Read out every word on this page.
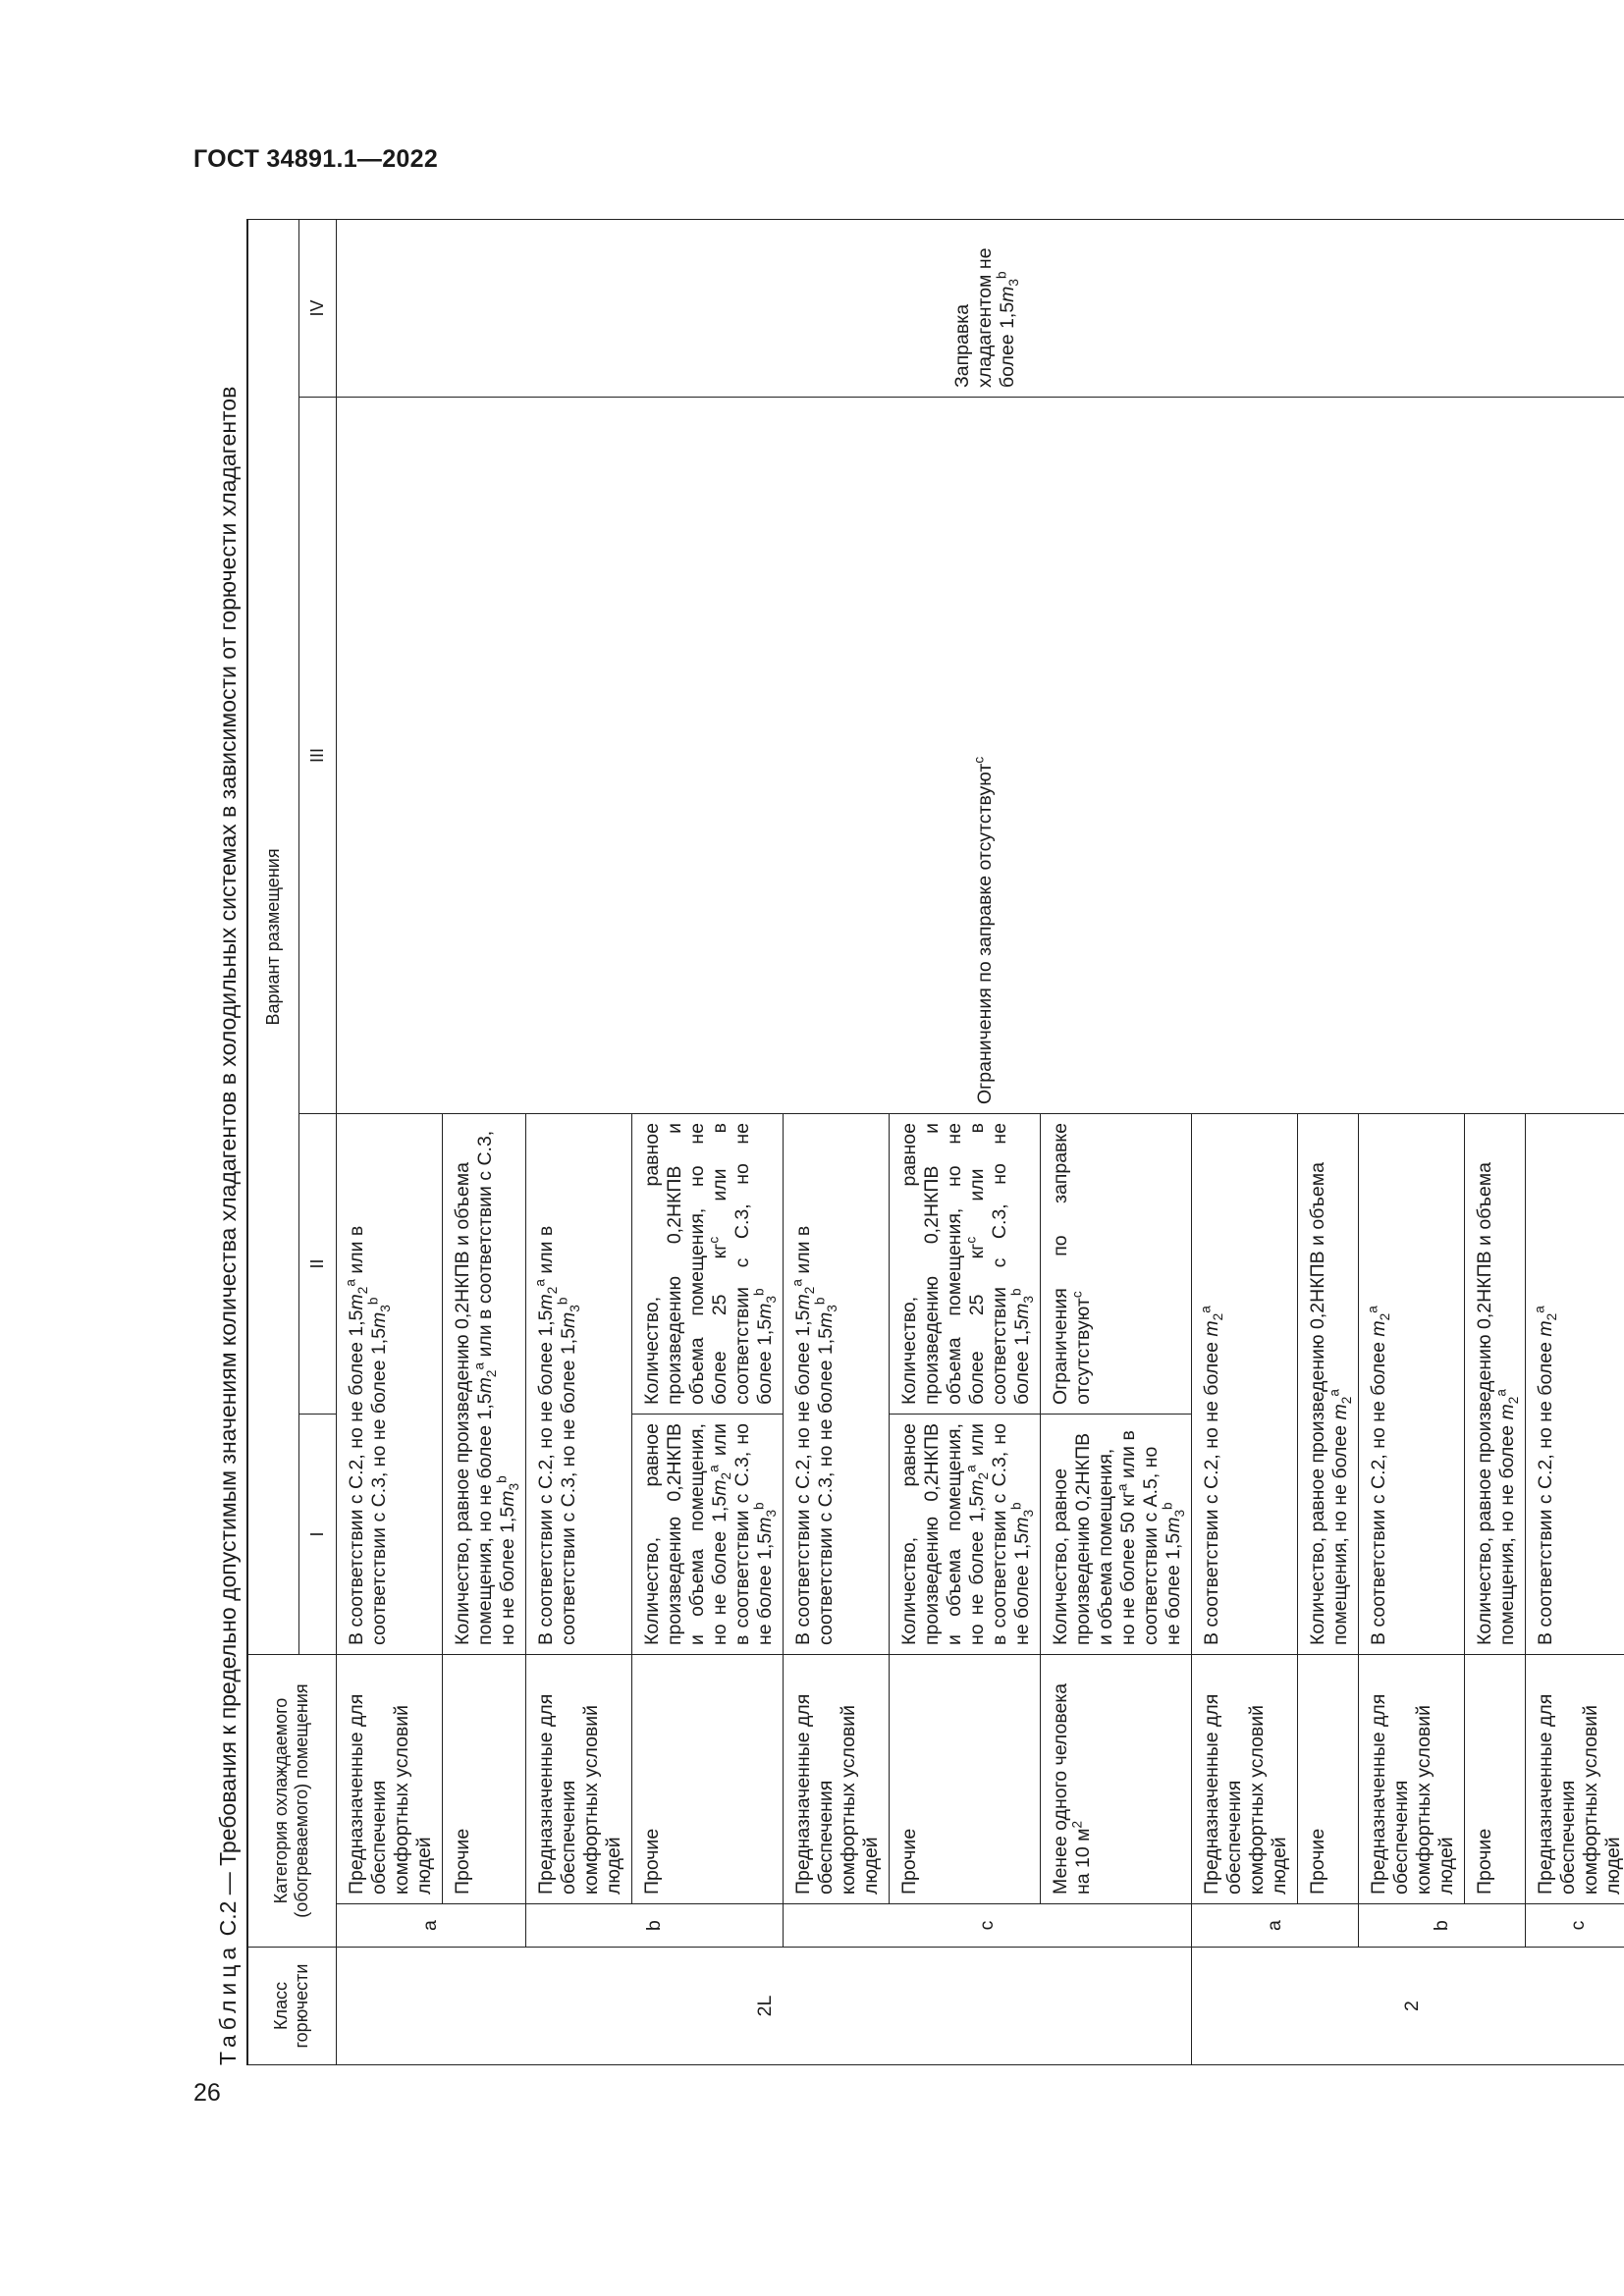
ГОСТ 34891.1—2022
26
Таблица С.2 — Требования к предельно допустимым значениям количества хладагентов в холодильных системах в зависимости от горючести хладагентов
Класс горючести	Категория охлаждаемого (обогреваемого) помещения		Вариант размещения			
			I	II	III	IV
2L	a	Предназначенные для обеспечения комфортных условий людей	В соответствии с С.2, но не более $1,5m_2^a$ или в соответствии с С.3, но не более $1,5m_3^b$		Ограничения по заправке отсутствуют$^c$	Заправка хладагентом не более $1,5m_3^b$
		Прочие	Количество, равное произведению 0,2НКПВ и объема помещения, но не более $1,5m_2^a$ или в соответствии с С.3, но не более $1,5m_3^b$
	b	Предназначенные для обеспечения комфортных условий людей	В соответствии с С.2, но не более $1,5m_2^a$ или в соответствии с С.3, но не более $1,5m_3^b$
		Прочие	Количество, равное произведению 0,2НКПВ и объема помещения, но не более $1,5m_2^a$ или в соответствии с С.3, но не более $1,5m_3^b$	Количество, равное произведению 0,2НКПВ и объема помещения, но не более 25 $кг^c$ или в соответствии с С.3, но не более $1,5m_3^b$
	c	Предназначенные для обеспечения комфортных условий людей	В соответствии с С.2, но не более $1,5m_2^a$ или в соответствии с С.3, но не более $1,5m_3^b$
		Прочие	Количество, равное произведению 0,2НКПВ и объема помещения, но не более $1,5m_2^a$ или в соответствии с С.3, но не более $1,5m_3^b$	Количество, равное произведению 0,2НКПВ и объема помещения, но не более 25 $кг^c$ или в соответствии с С.3, но не более $1,5m_3^b$
		Менее одного человека на 10 $м^2$	Количество, равное произведению 0,2НКПВ и объема помещения, но не более 50 $кг^a$ или в соответствии с А.5, но не более $1,5m_3^b$	Ограничения по заправке отсутствуют$^c$
2	a	Предназначенные для обеспечения комфортных условий людей	В соответствии с С.2, но не более $m_2^a$
		Прочие	Количество, равное произведению 0,2НКПВ и объема помещения, но не более $m_2^a$
	b	Предназначенные для обеспечения комфортных условий людей	В соответствии с С.2, но не более $m_2^a$
		Прочие	Количество, равное произведению 0,2НКПВ и объема помещения, но не более $m_2^a$
	c	Предназначенные для обеспечения комфортных условий людей	В соответствии с С.2, но не более $m_2^a$
